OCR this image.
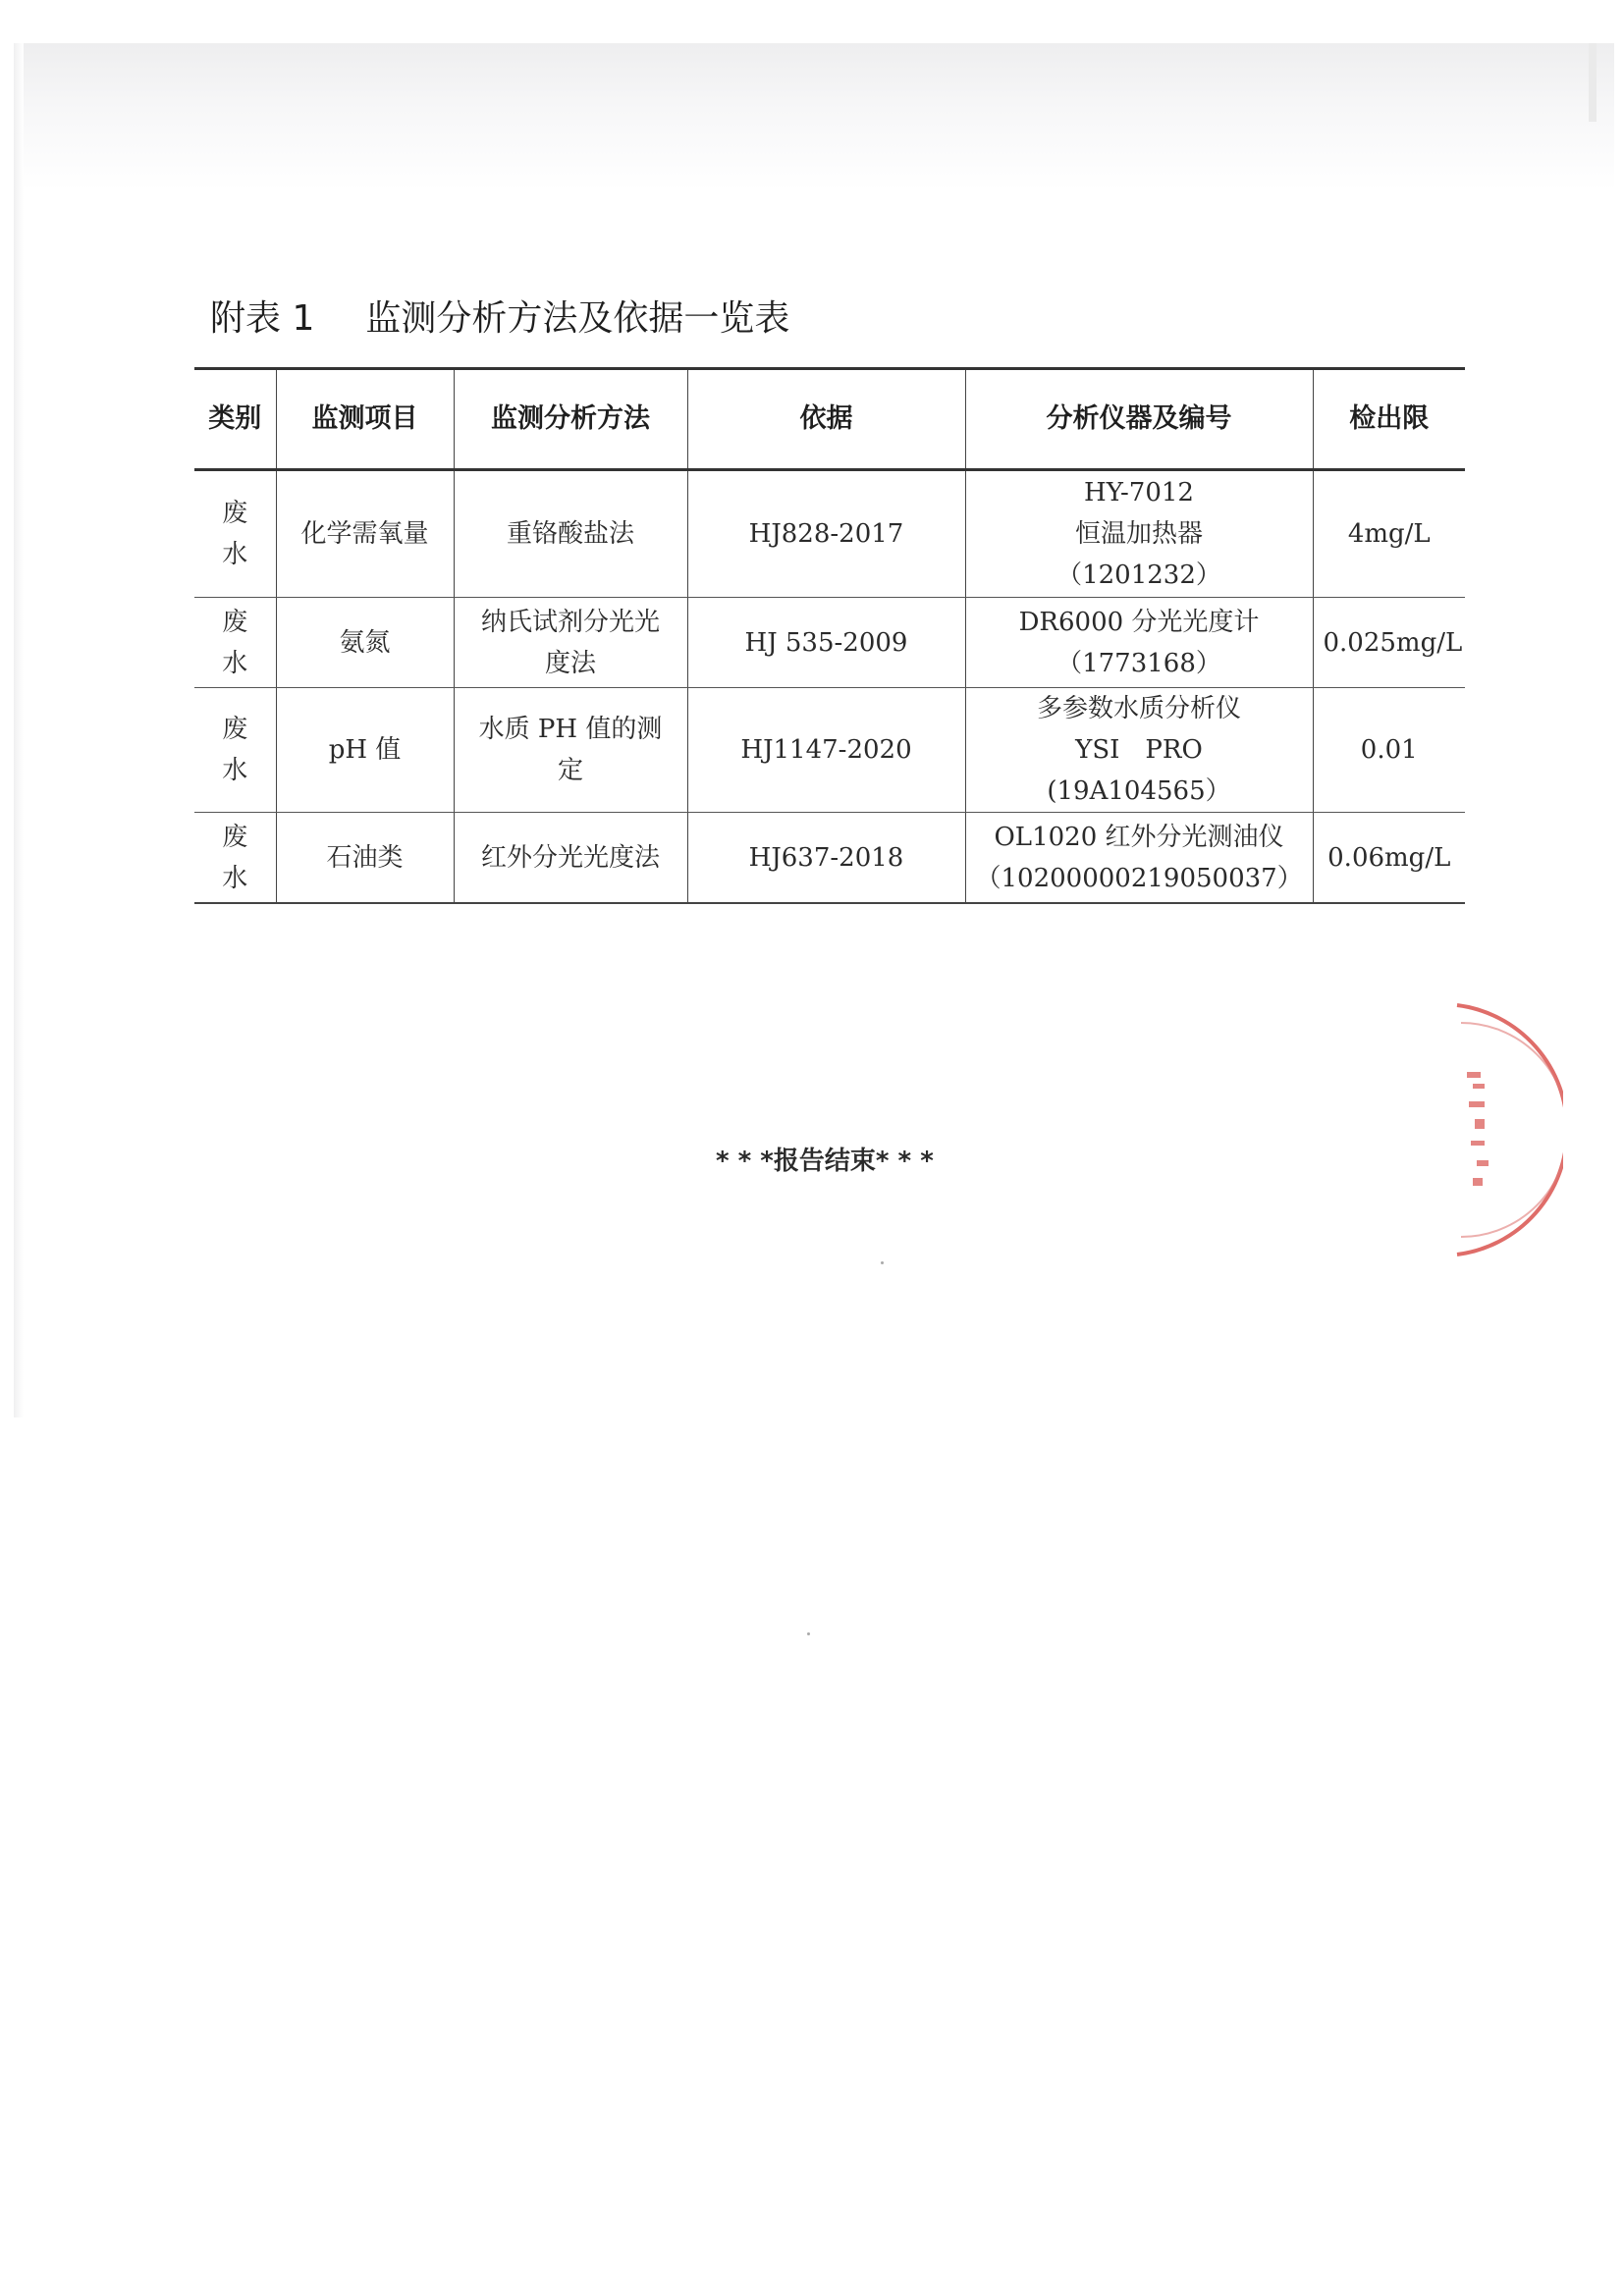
附表 1 监测分析方法及依据一览表
类别	监测项目	监测分析方法	依据	分析仪器及编号	检出限

废
水	化学需氧量	重铬酸盐法	HJ828-2017	HY-7012
恒温加热器
（1201232）	4mg/L

废
水	氨氮	纳氏试剂分光光
度法	HJ 535-2009	DR6000 分光光度计
（1773168）	0.025mg/L

废
水	pH 值	水质 PH 值的测
定	HJ1147-2020	多参数水质分析仪
YSI　PRO
(19A104565）	0.01

废
水	石油类	红外分光光度法	HJ637-2018	OL1020 红外分光测油仪
（10200000219050037）	0.06mg/L
* * *报告结束* * *
